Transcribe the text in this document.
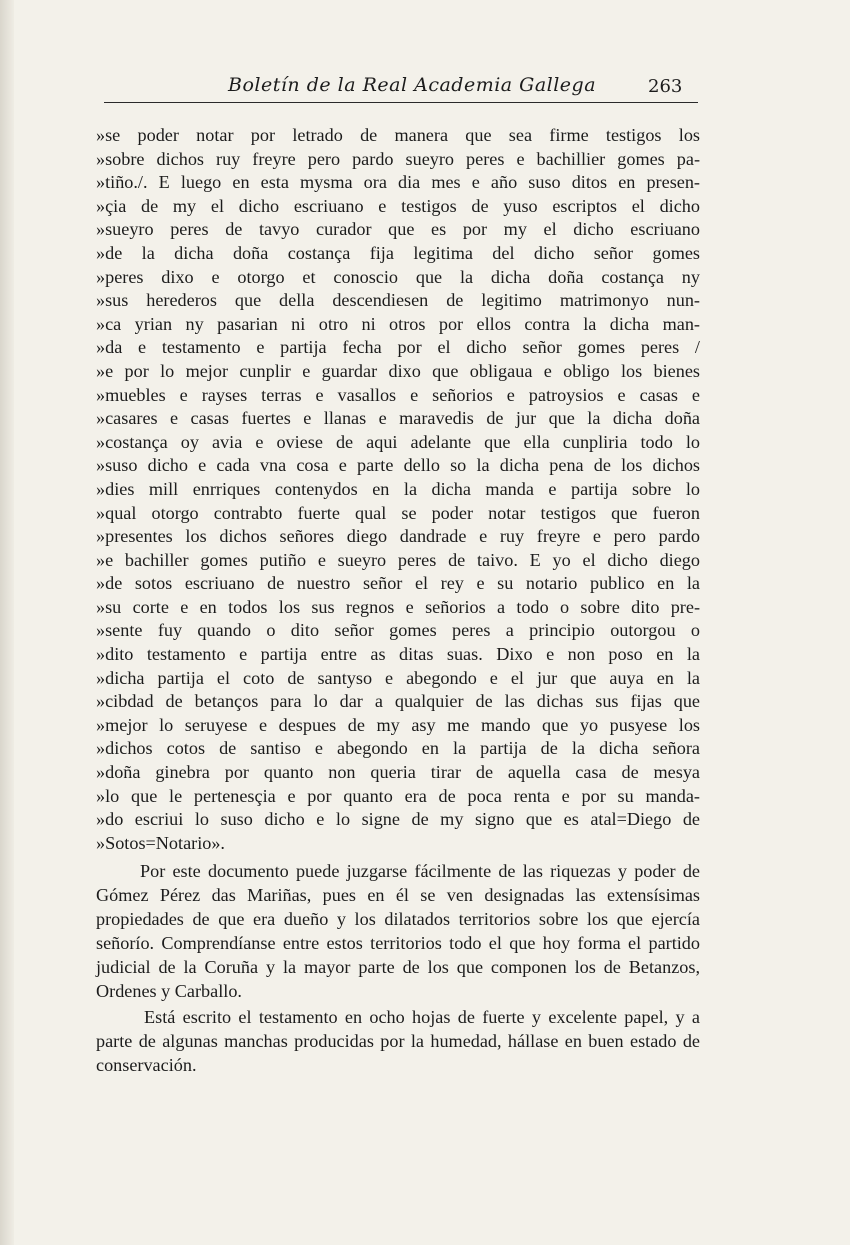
Boletín de la Real Academia Gallega	263
»se poder notar por letrado de manera que sea firme testigos los
»sobre dichos ruy freyre pero pardo sueyro peres e bachillier gomes pa-
»tiño./. E luego en esta mysma ora dia mes e año suso ditos en presen-
»çia de my el dicho escriuano e testigos de yuso escriptos el dicho
»sueyro peres de tavyo curador que es por my el dicho escriuano
»de la dicha doña costança fija legitima del dicho señor gomes
»peres dixo e otorgo et conoscio que la dicha doña costança ny
»sus herederos que della descendiesen de legitimo matrimonyo nun-
»ca yrian ny pasarian ni otro ni otros por ellos contra la dicha man-
»da e testamento e partija fecha por el dicho señor gomes peres /
»e por lo mejor cunplir e guardar dixo que obligaua e obligo los bienes
»muebles e rayses terras e vasallos e señorios e patroysios e casas e
»casares e casas fuertes e llanas e maravedis de jur que la dicha doña
»costança oy avia e oviese de aqui adelante que ella cunpliria todo lo
»suso dicho e cada vna cosa e parte dello so la dicha pena de los dichos
»dies mill enrriques contenydos en la dicha manda e partija sobre lo
»qual otorgo contrabto fuerte qual se poder notar testigos que fueron
»presentes los dichos señores diego dandrade e ruy freyre e pero pardo
»e bachiller gomes putiño e sueyro peres de taivo. E yo el dicho diego
»de sotos escriuano de nuestro señor el rey e su notario publico en la
»su corte e en todos los sus regnos e señorios a todo o sobre dito pre-
»sente fuy quando o dito señor gomes peres a principio outorgou o
»dito testamento e partija entre as ditas suas. Dixo e non poso en la
»dicha partija el coto de santyso e abegondo e el jur que auya en la
»cibdad de betanços para lo dar a qualquier de las dichas sus fijas que
»mejor lo seruyese e despues de my asy me mando que yo pusyese los
»dichos cotos de santiso e abegondo en la partija de la dicha señora
»doña ginebra por quanto non queria tirar de aquella casa de mesya
»lo que le pertenesçia e por quanto era de poca renta e por su manda-
»do escriui lo suso dicho e lo signe de my signo que es atal=Diego de
»Sotos=Notario».

Por este documento puede juzgarse fácilmente de las riquezas y poder de Gómez Pérez das Mariñas, pues en él se ven designadas las extensísimas propiedades de que era dueño y los dilatados territorios sobre los que ejercía señorío. Comprendíanse entre estos territorios todo el que hoy forma el partido judicial de la Coruña y la mayor parte de los que componen los de Betanzos, Ordenes y Carballo.

Está escrito el testamento en ocho hojas de fuerte y excelente papel, y a parte de algunas manchas producidas por la humedad, hállase en buen estado de conservación.
